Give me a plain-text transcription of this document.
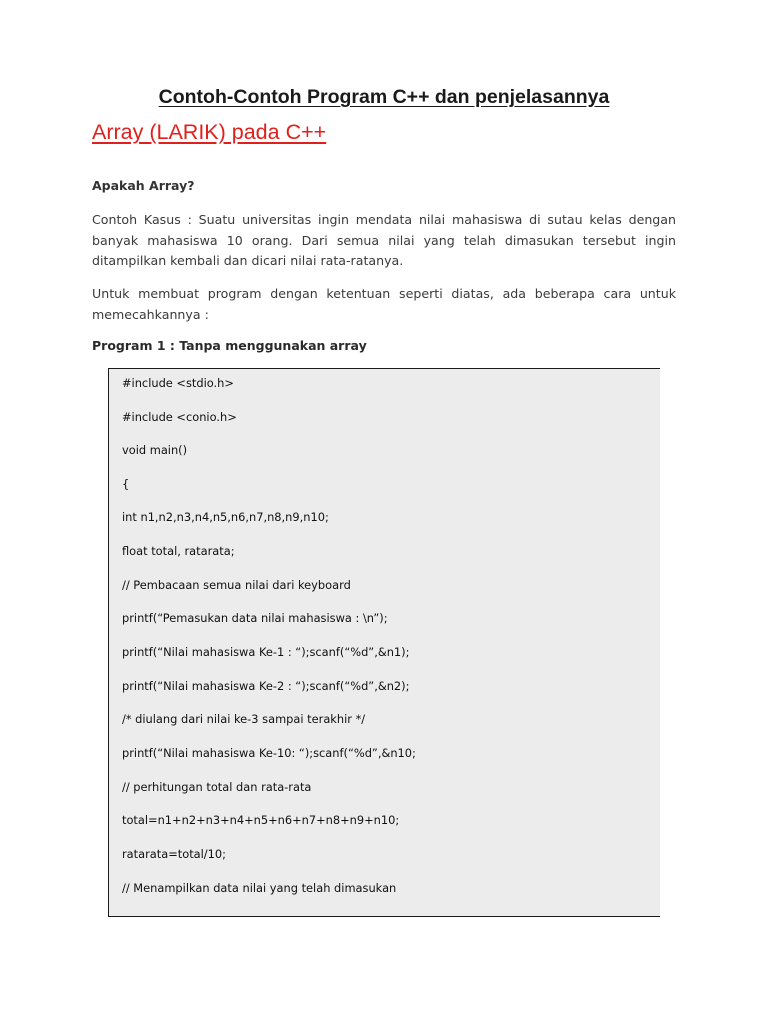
Contoh-Contoh Program C++ dan penjelasannya
Array (LARIK) pada C++
Apakah Array?
Contoh Kasus : Suatu universitas ingin mendata nilai mahasiswa di sutau kelas dengan banyak mahasiswa 10 orang. Dari semua nilai yang telah dimasukan tersebut ingin ditampilkan kembali dan dicari nilai rata-ratanya.
Untuk membuat program dengan ketentuan seperti diatas, ada beberapa cara untuk memecahkannya :
Program 1 : Tanpa menggunakan array
#include <stdio.h>
#include <conio.h>
void main()
{
int n1,n2,n3,n4,n5,n6,n7,n8,n9,n10;
float total, ratarata;
// Pembacaan semua nilai dari keyboard
printf(“Pemasukan data nilai mahasiswa : \n”);
printf(“Nilai mahasiswa Ke-1 : “);scanf(“%d”,&n1);
printf(“Nilai mahasiswa Ke-2 : “);scanf(“%d”,&n2);
/* diulang dari nilai ke-3 sampai terakhir */
printf(“Nilai mahasiswa Ke-10: “);scanf(“%d”,&n10;
// perhitungan total dan rata-rata
total=n1+n2+n3+n4+n5+n6+n7+n8+n9+n10;
ratarata=total/10;
// Menampilkan data nilai yang telah dimasukan
